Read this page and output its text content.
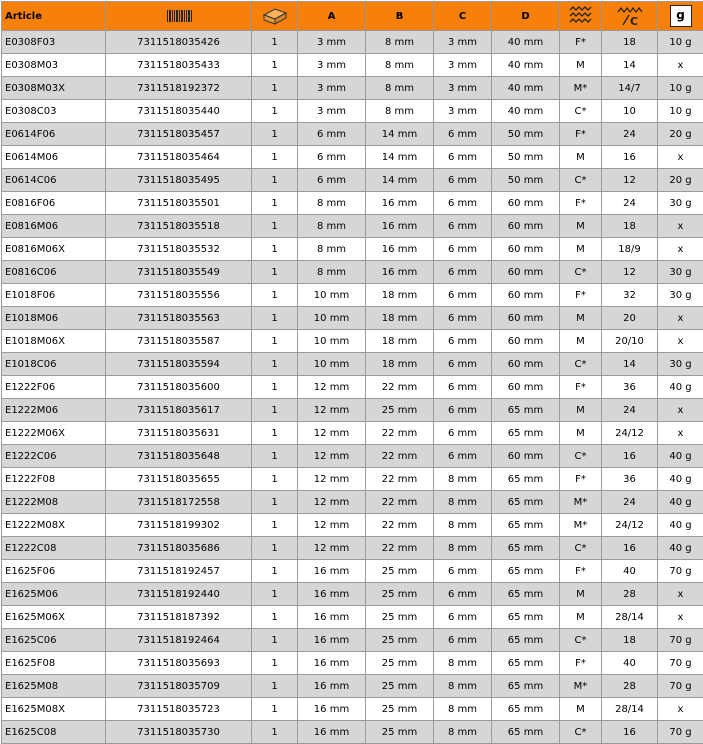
Article			A	B	C	D		C	g
E0308F03	7311518035426	1	3 mm	8 mm	3 mm	40 mm	F*	18	10 g
E0308M03	7311518035433	1	3 mm	8 mm	3 mm	40 mm	M	14	x
E0308M03X	7311518192372	1	3 mm	8 mm	3 mm	40 mm	M*	14/7	10 g
E0308C03	7311518035440	1	3 mm	8 mm	3 mm	40 mm	C*	10	10 g
E0614F06	7311518035457	1	6 mm	14 mm	6 mm	50 mm	F*	24	20 g
E0614M06	7311518035464	1	6 mm	14 mm	6 mm	50 mm	M	16	x
E0614C06	7311518035495	1	6 mm	14 mm	6 mm	50 mm	C*	12	20 g
E0816F06	7311518035501	1	8 mm	16 mm	6 mm	60 mm	F*	24	30 g
E0816M06	7311518035518	1	8 mm	16 mm	6 mm	60 mm	M	18	x
E0816M06X	7311518035532	1	8 mm	16 mm	6 mm	60 mm	M	18/9	x
E0816C06	7311518035549	1	8 mm	16 mm	6 mm	60 mm	C*	12	30 g
E1018F06	7311518035556	1	10 mm	18 mm	6 mm	60 mm	F*	32	30 g
E1018M06	7311518035563	1	10 mm	18 mm	6 mm	60 mm	M	20	x
E1018M06X	7311518035587	1	10 mm	18 mm	6 mm	60 mm	M	20/10	x
E1018C06	7311518035594	1	10 mm	18 mm	6 mm	60 mm	C*	14	30 g
E1222F06	7311518035600	1	12 mm	22 mm	6 mm	60 mm	F*	36	40 g
E1222M06	7311518035617	1	12 mm	25 mm	6 mm	65 mm	M	24	x
E1222M06X	7311518035631	1	12 mm	22 mm	6 mm	65 mm	M	24/12	x
E1222C06	7311518035648	1	12 mm	22 mm	6 mm	60 mm	C*	16	40 g
E1222F08	7311518035655	1	12 mm	22 mm	8 mm	65 mm	F*	36	40 g
E1222M08	7311518172558	1	12 mm	22 mm	8 mm	65 mm	M*	24	40 g
E1222M08X	7311518199302	1	12 mm	22 mm	8 mm	65 mm	M*	24/12	40 g
E1222C08	7311518035686	1	12 mm	22 mm	8 mm	65 mm	C*	16	40 g
E1625F06	7311518192457	1	16 mm	25 mm	6 mm	65 mm	F*	40	70 g
E1625M06	7311518192440	1	16 mm	25 mm	6 mm	65 mm	M	28	x
E1625M06X	7311518187392	1	16 mm	25 mm	6 mm	65 mm	M	28/14	x
E1625C06	7311518192464	1	16 mm	25 mm	6 mm	65 mm	C*	18	70 g
E1625F08	7311518035693	1	16 mm	25 mm	8 mm	65 mm	F*	40	70 g
E1625M08	7311518035709	1	16 mm	25 mm	8 mm	65 mm	M*	28	70 g
E1625M08X	7311518035723	1	16 mm	25 mm	8 mm	65 mm	M	28/14	x
E1625C08	7311518035730	1	16 mm	25 mm	8 mm	65 mm	C*	16	70 g
